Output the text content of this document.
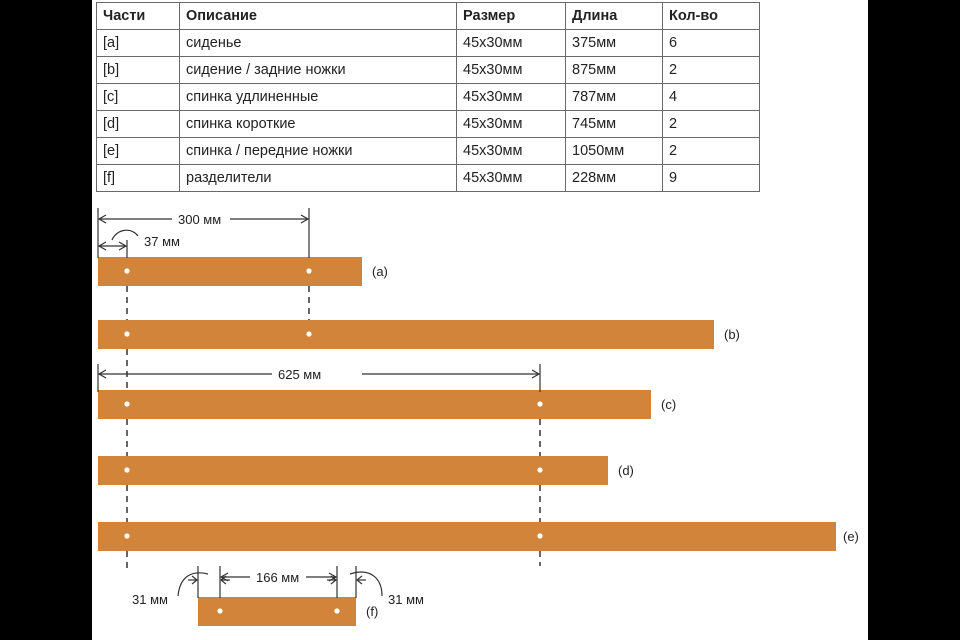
Части	Описание	Размер	Длина	Кол-во
[a]	сиденье	45x30мм	375мм	6
[b]	сидение / задние ножки	45x30мм	875мм	2
[c]	спинка удлиненные	45x30мм	787мм	4
[d]	спинка короткие	45x30мм	745мм	2
[e]	спинка / передние ножки	45x30мм	1050мм	2
[f]	разделители	45x30мм	228мм	9
300 мм
37 мм
625 мм
166 мм
31 мм	31 мм
(a)
(b)
(c)
(d)
(e)
(f)
